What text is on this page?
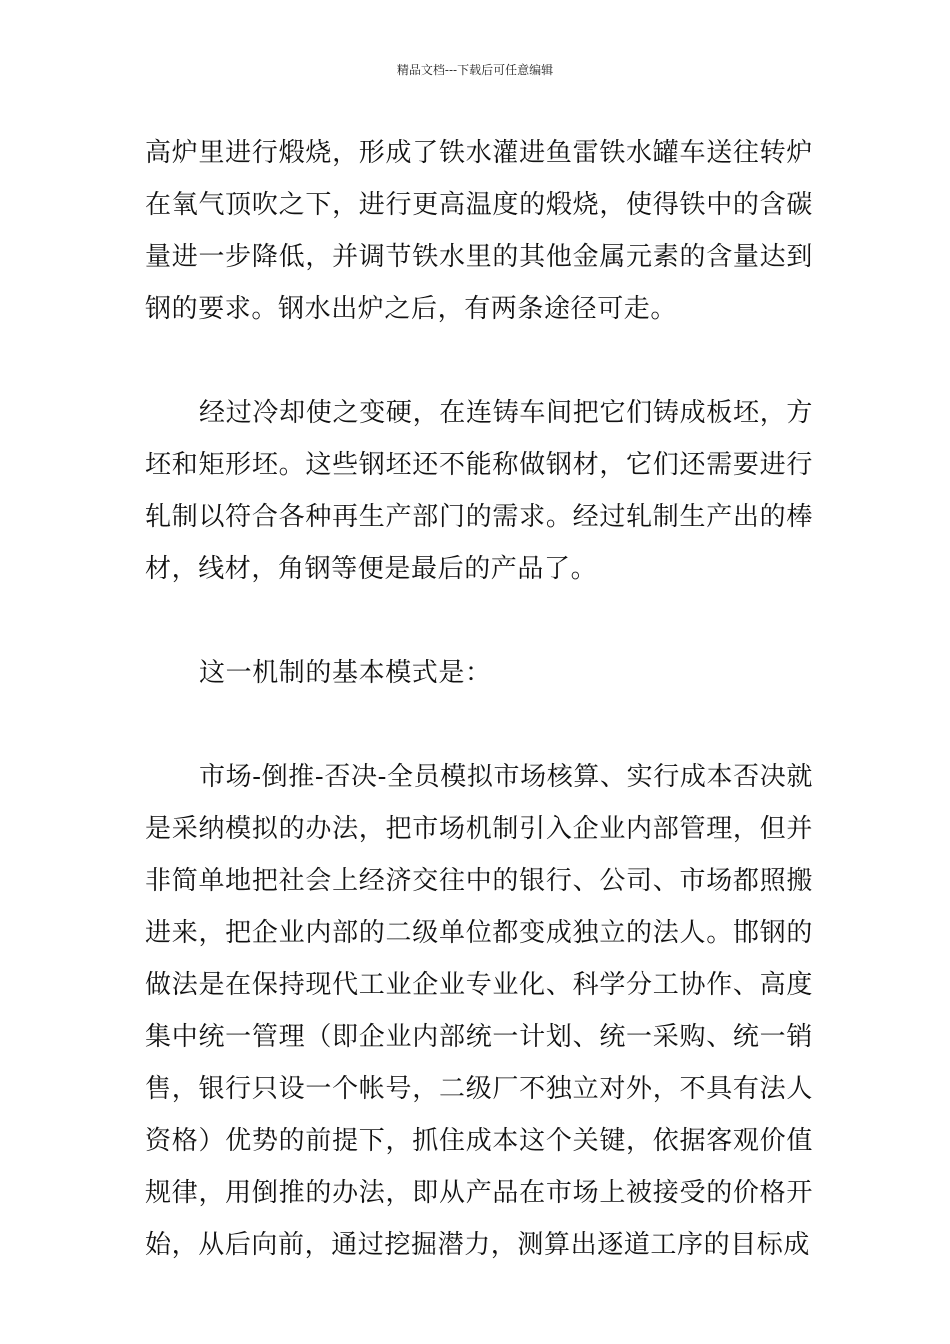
精品文档---下载后可任意编辑

高炉里进行煅烧，形成了铁水灌进鱼雷铁水罐车送往转炉在氧气顶吹之下，进行更高温度的煅烧，使得铁中的含碳量进一步降低，并调节铁水里的其他金属元素的含量达到钢的要求。钢水出炉之后，有两条途径可走。

经过冷却使之变硬，在连铸车间把它们铸成板坯，方坯和矩形坯。这些钢坯还不能称做钢材，它们还需要进行轧制以符合各种再生产部门的需求。经过轧制生产出的棒材，线材，角钢等便是最后的产品了。

这一机制的基本模式是：

市场-倒推-否决-全员模拟市场核算、实行成本否决就是采纳模拟的办法，把市场机制引入企业内部管理，但并非简单地把社会上经济交往中的银行、公司、市场都照搬进来，把企业内部的二级单位都变成独立的法人。邯钢的做法是在保持现代工业企业专业化、科学分工协作、高度集中统一管理（即企业内部统一计划、统一采购、统一销售，银行只设一个帐号，二级厂不独立对外，不具有法人资格）优势的前提下，抓住成本这个关键，依据客观价值规律，用倒推的办法，即从产品在市场上被接受的价格开始，从后向前，通过挖掘潜力，测算出逐道工序的目标成
